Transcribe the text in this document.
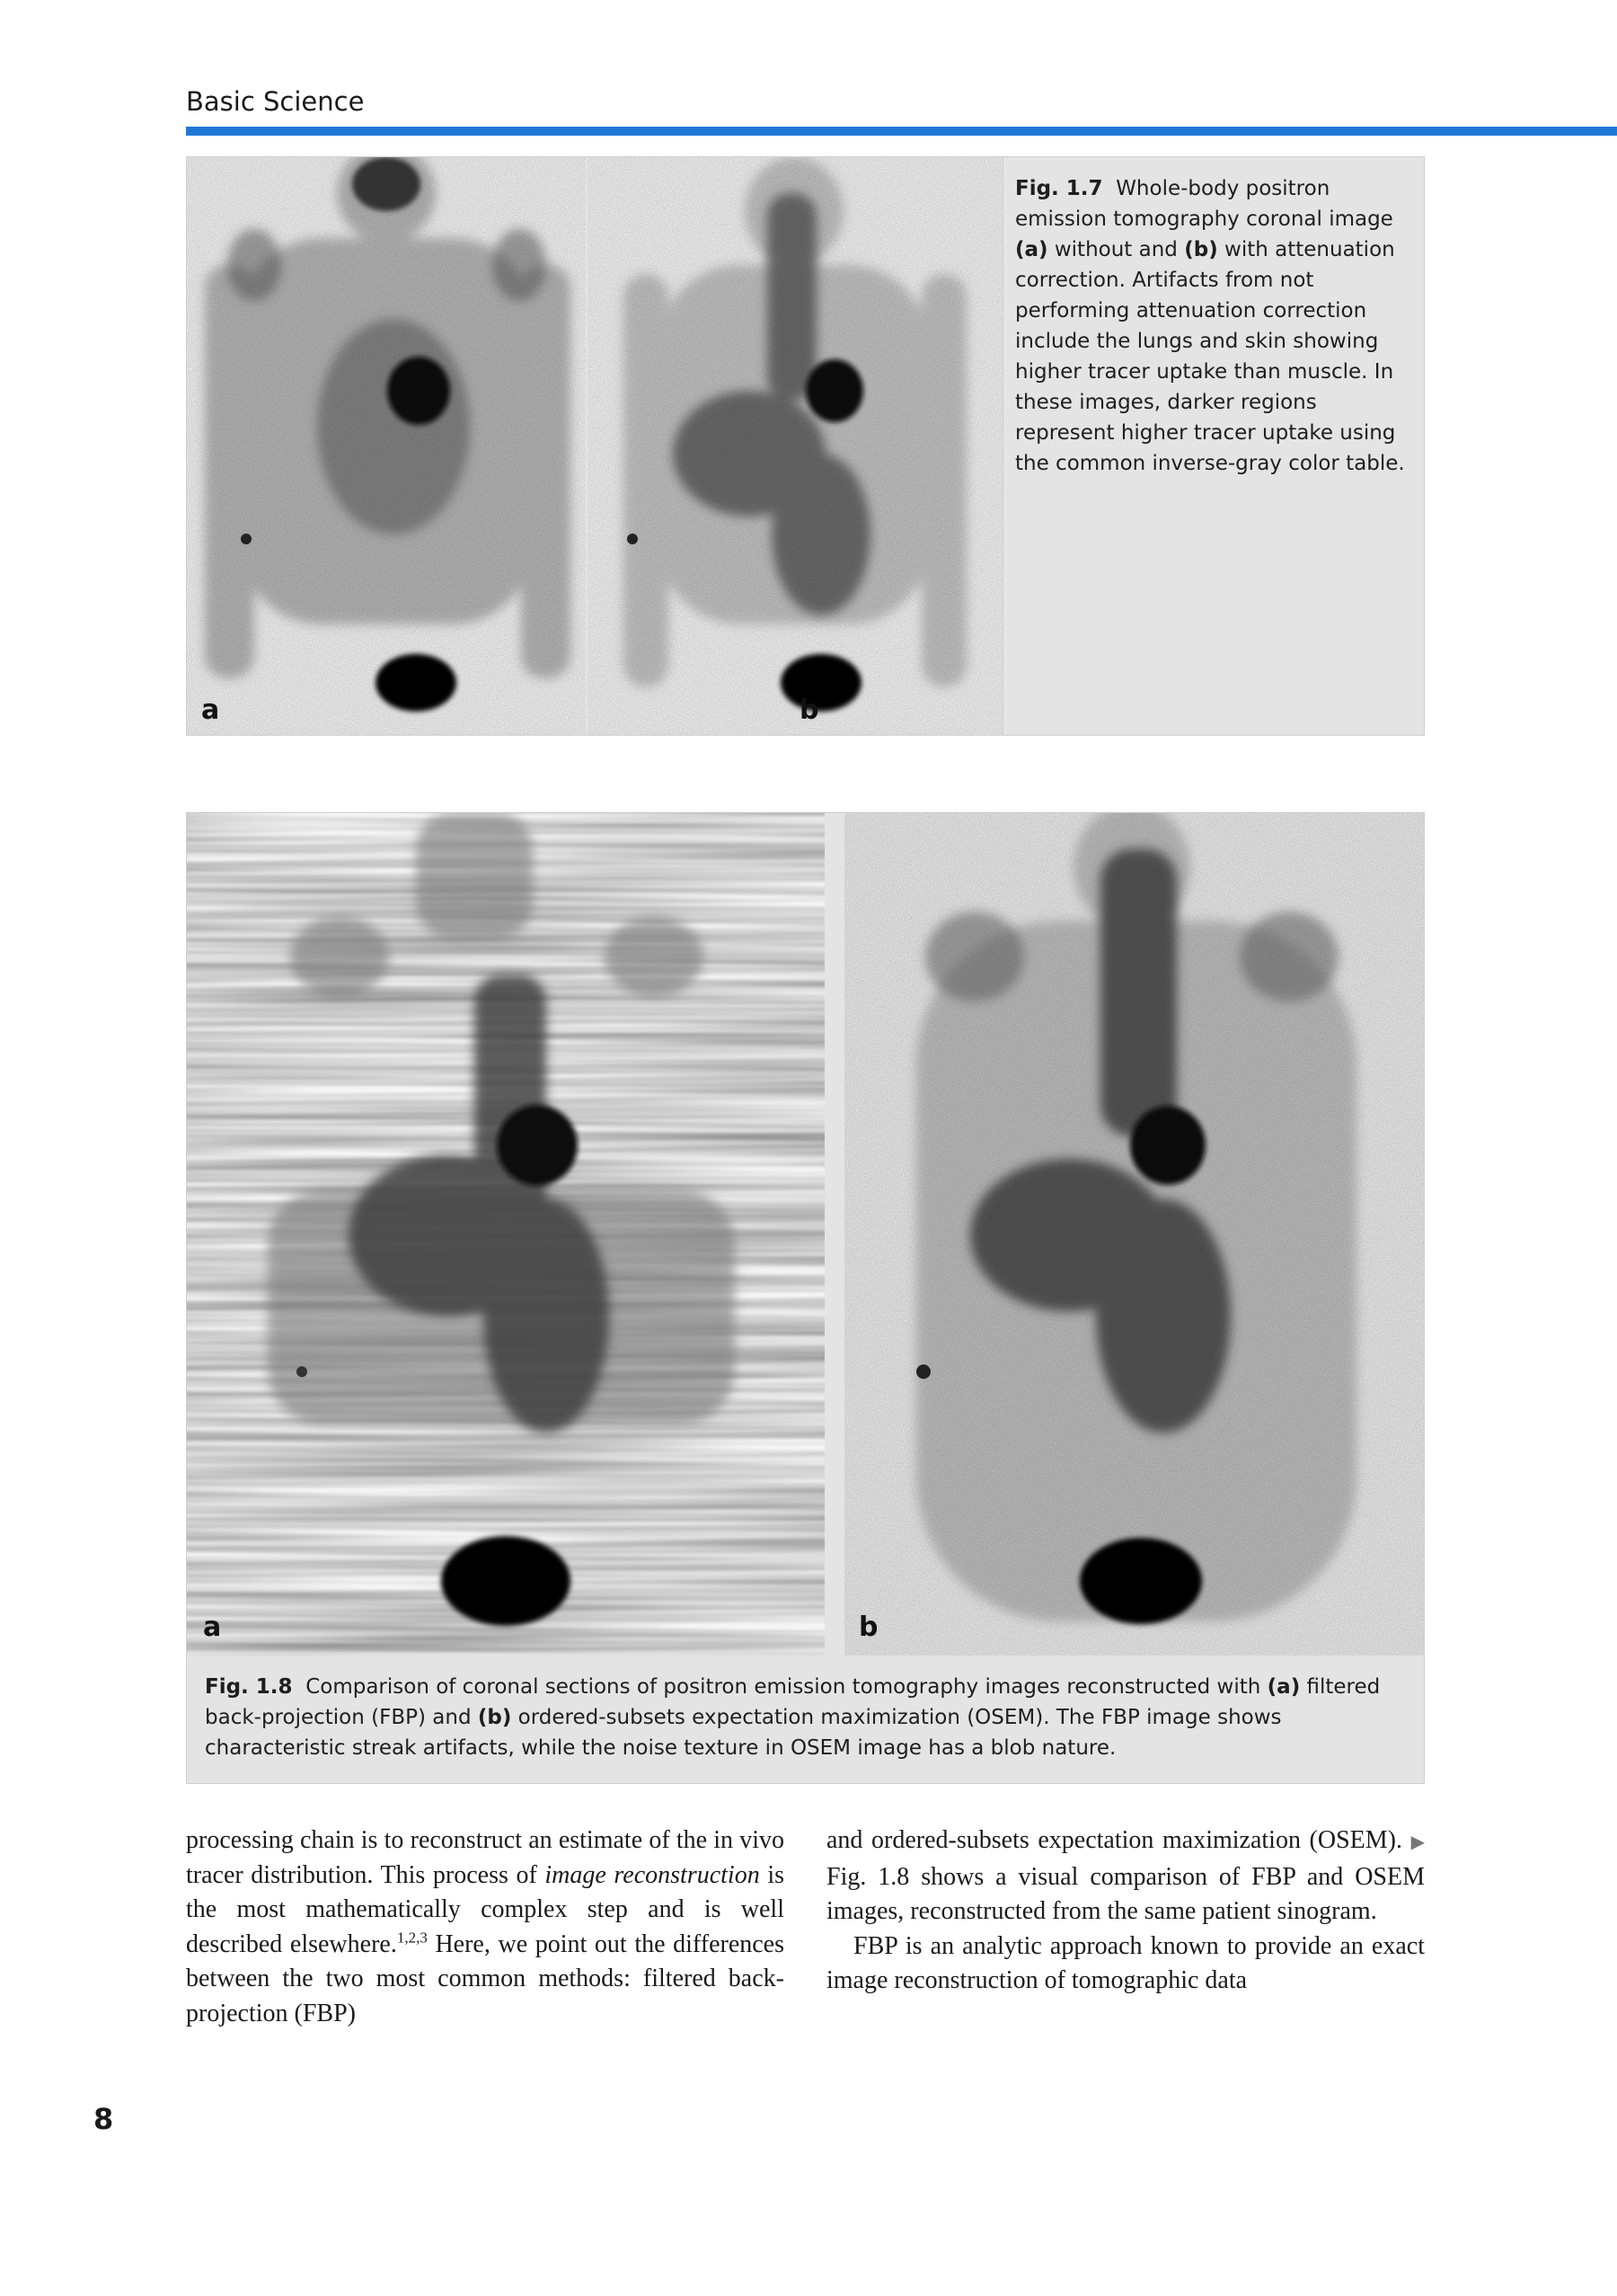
Basic Science
a	b
Fig. 1.7 Whole-body positron emission tomography coronal image (a) without and (b) with attenuation correction. Artifacts from not performing attenuation correction include the lungs and skin showing higher tracer uptake than muscle. In these images, darker regions represent higher tracer uptake using the common inverse-gray color table.
a	b
Fig. 1.8 Comparison of coronal sections of positron emission tomography images reconstructed with (a) filtered back-projection (FBP) and (b) ordered-subsets expectation maximization (OSEM). The FBP image shows characteristic streak artifacts, while the noise texture in OSEM image has a blob nature.

processing chain is to reconstruct an estimate of the in vivo tracer distribution. This process of image reconstruction is the most mathematically complex step and is well described elsewhere.$^{1,2,3}$ Here, we point out the differences between the two most common methods: filtered back-projection (FBP)

and ordered-subsets expectation maximization (OSEM). ▶ Fig. 1.8 shows a visual comparison of FBP and OSEM images, reconstructed from the same patient sinogram.

FBP is an analytic approach known to provide an exact image reconstruction of tomographic data

8
